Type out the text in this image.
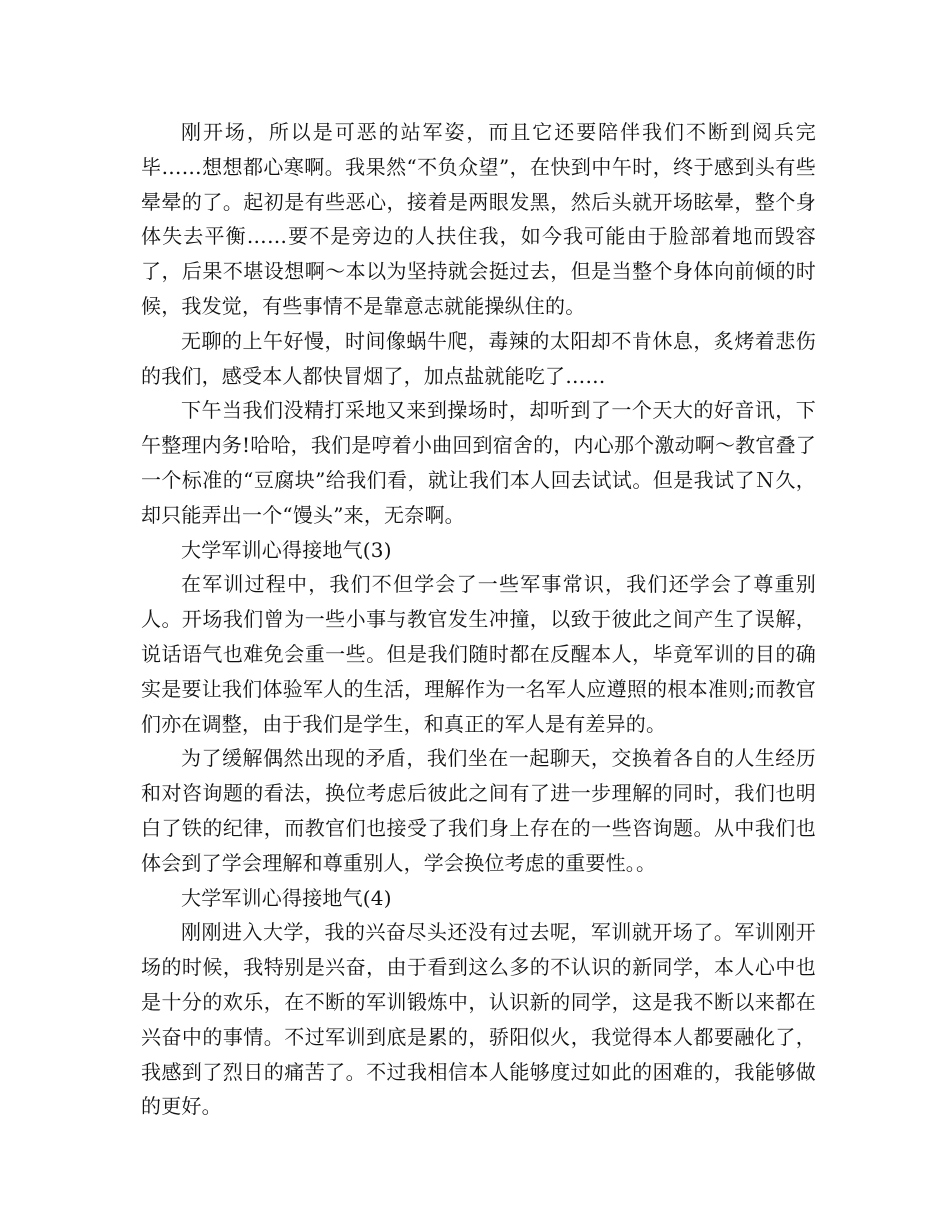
刚开场，所以是可恶的站军姿，而且它还要陪伴我们不断到阅兵完毕……想想都心寒啊。我果然“不负众望”，在快到中午时，终于感到头有些晕晕的了。起初是有些恶心，接着是两眼发黑，然后头就开场眩晕，整个身体失去平衡……要不是旁边的人扶住我，如今我可能由于脸部着地而毁容了，后果不堪设想啊～本以为坚持就会挺过去，但是当整个身体向前倾的时候，我发觉，有些事情不是靠意志就能操纵住的。

无聊的上午好慢，时间像蜗牛爬，毒辣的太阳却不肯休息，炙烤着悲伤的我们，感受本人都快冒烟了，加点盐就能吃了……

下午当我们没精打采地又来到操场时，却听到了一个天大的好音讯，下午整理内务!哈哈，我们是哼着小曲回到宿舍的，内心那个激动啊～教官叠了一个标准的“豆腐块”给我们看，就让我们本人回去试试。但是我试了Ｎ久，却只能弄出一个“馒头”来，无奈啊。

大学军训心得接地气(3)

在军训过程中，我们不但学会了一些军事常识，我们还学会了尊重别人。开场我们曾为一些小事与教官发生冲撞，以致于彼此之间产生了误解，说话语气也难免会重一些。但是我们随时都在反醒本人，毕竟军训的目的确实是要让我们体验军人的生活，理解作为一名军人应遵照的根本准则;而教官们亦在调整，由于我们是学生，和真正的军人是有差异的。

为了缓解偶然出现的矛盾，我们坐在一起聊天，交换着各自的人生经历和对咨询题的看法，换位考虑后彼此之间有了进一步理解的同时，我们也明白了铁的纪律，而教官们也接受了我们身上存在的一些咨询题。从中我们也体会到了学会理解和尊重别人，学会换位考虑的重要性。。

大学军训心得接地气(4)

刚刚进入大学，我的兴奋尽头还没有过去呢，军训就开场了。军训刚开场的时候，我特别是兴奋，由于看到这么多的不认识的新同学，本人心中也是十分的欢乐，在不断的军训锻炼中，认识新的同学，这是我不断以来都在兴奋中的事情。不过军训到底是累的，骄阳似火，我觉得本人都要融化了，我感到了烈日的痛苦了。不过我相信本人能够度过如此的困难的，我能够做的更好。
